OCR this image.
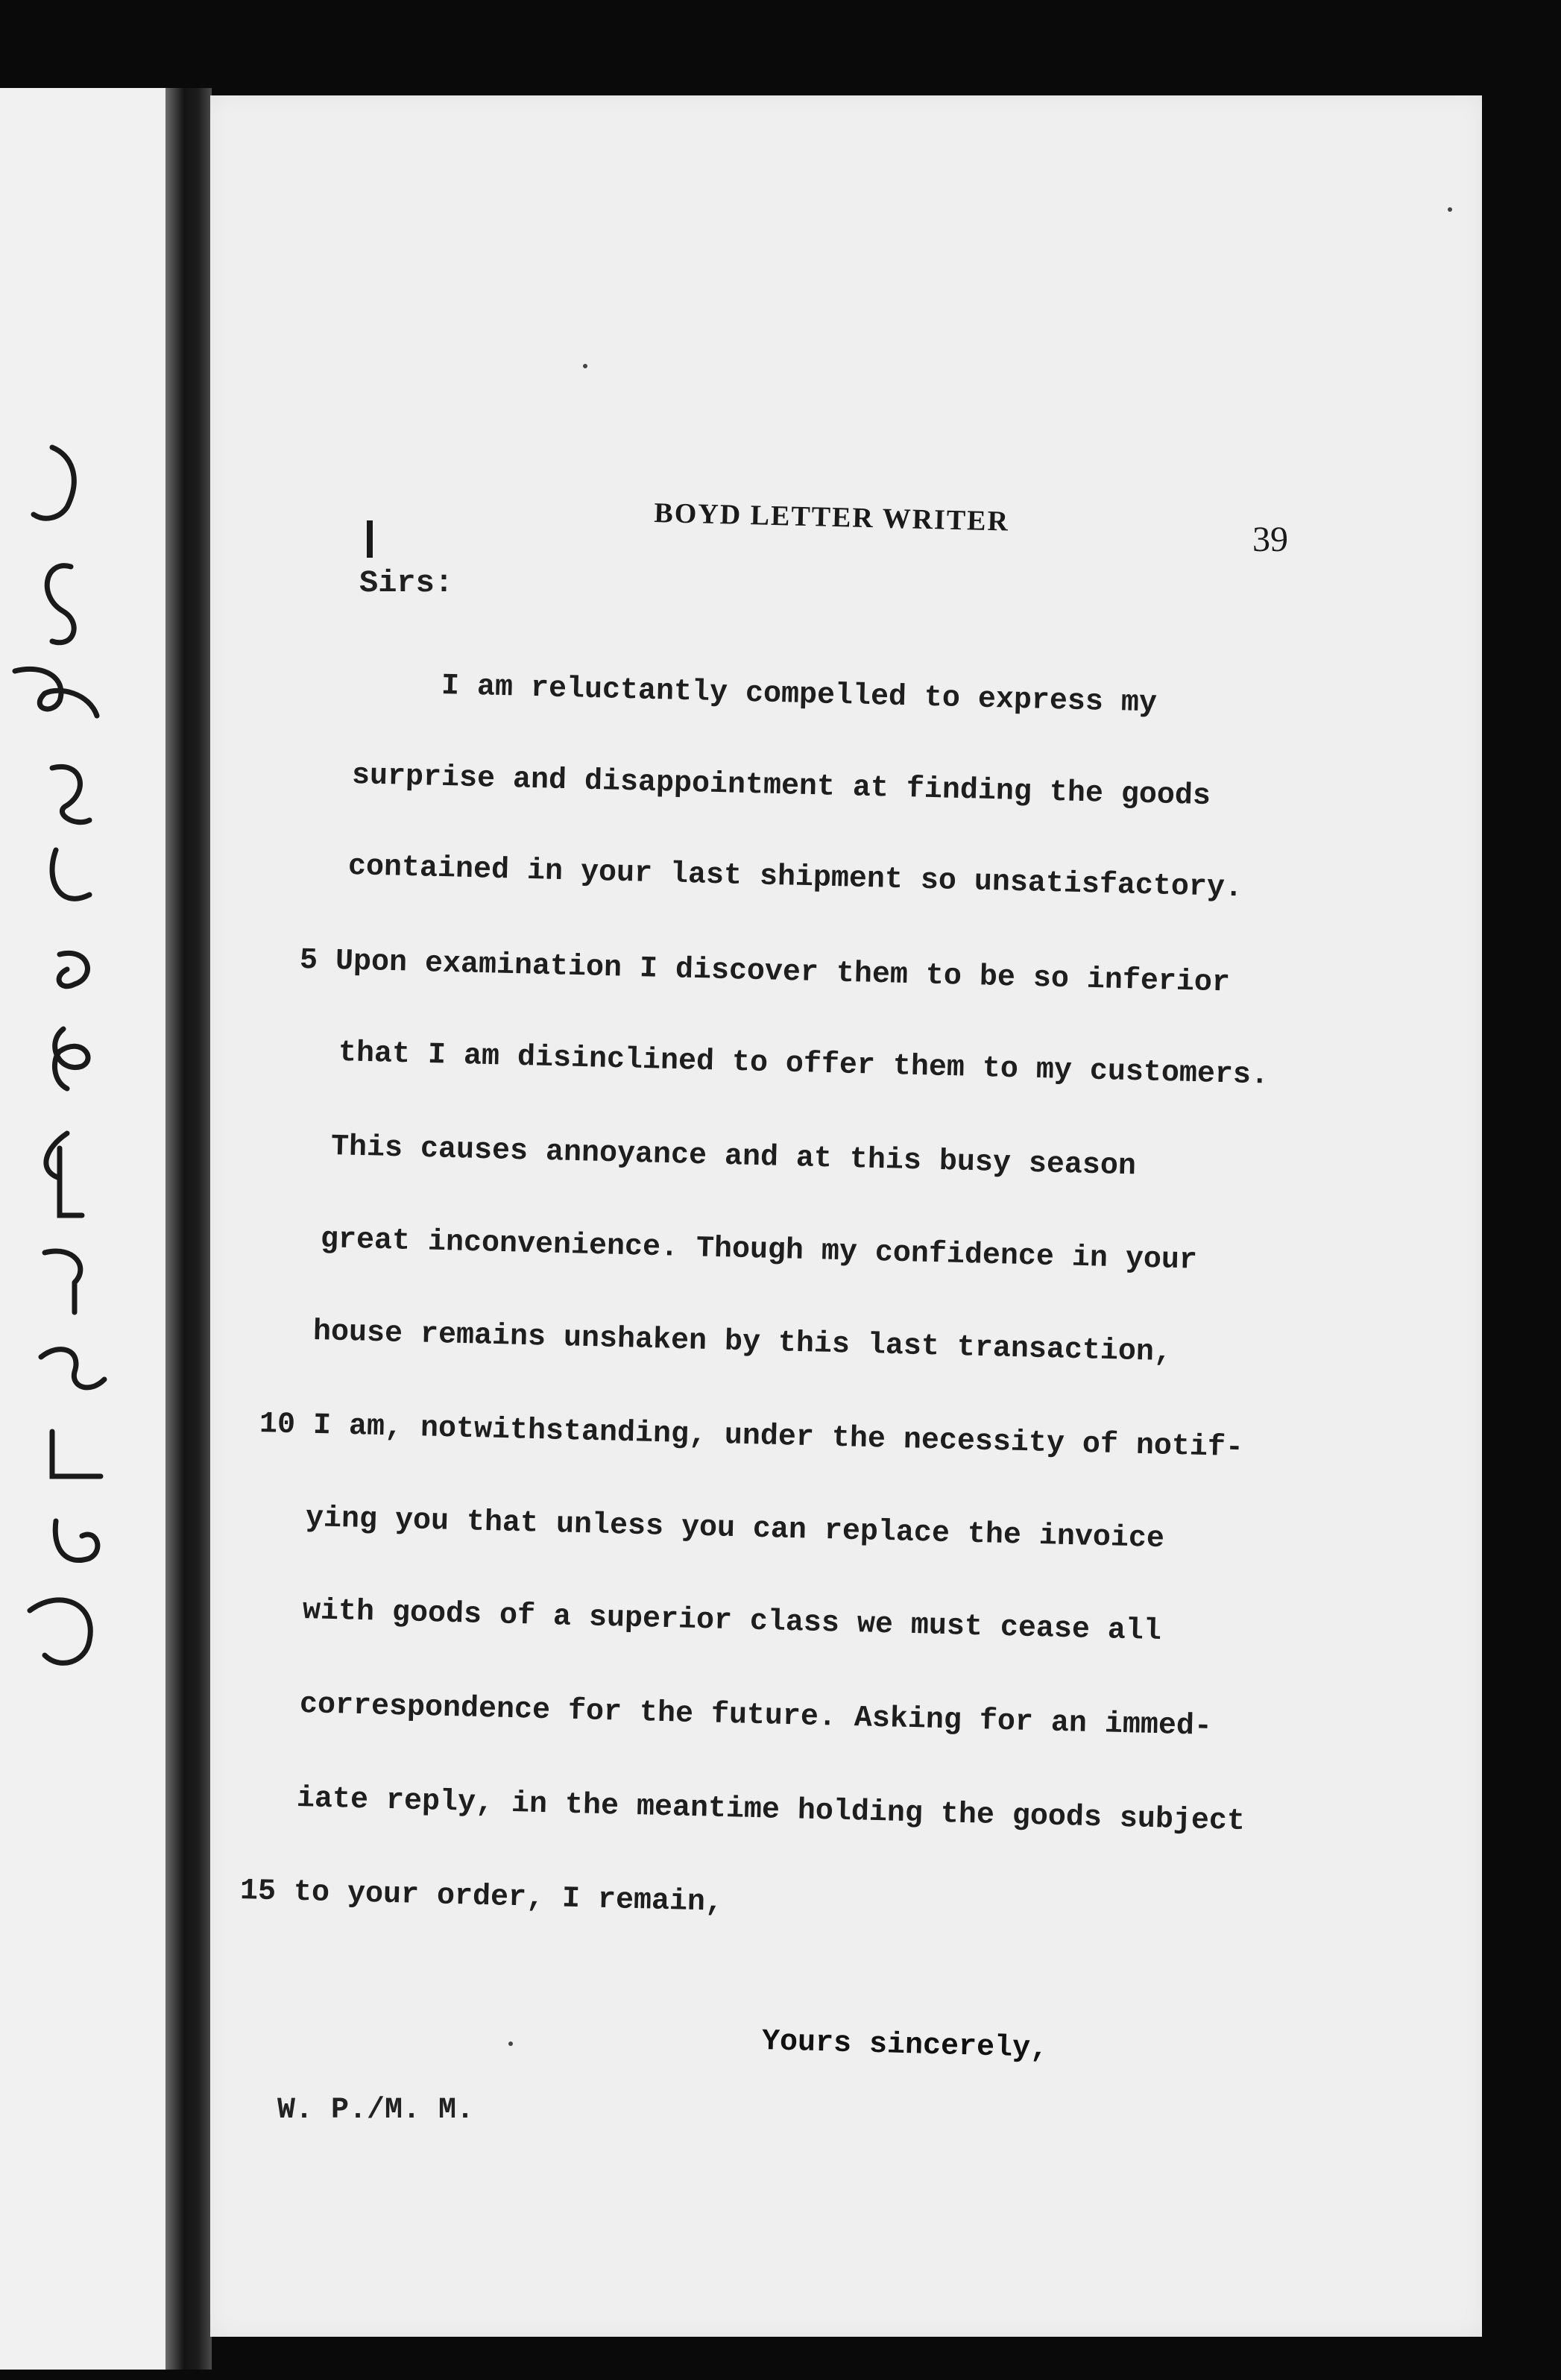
BOYD LETTER WRITER
39
Sirs:
I am reluctantly compelled to express my
surprise and disappointment at finding the goods
contained in your last shipment so unsatisfactory.
5 Upon examination I discover them to be so inferior
that I am disinclined to offer them to my customers.
This causes annoyance and at this busy season
great inconvenience. Though my confidence in your
house remains unshaken by this last transaction,
10 I am, notwithstanding, under the necessity of notif-
ying you that unless you can replace the invoice
with goods of a superior class we must cease all
correspondence for the future. Asking for an immed-
iate reply, in the meantime holding the goods subject
15 to your order, I remain,
Yours sincerely,
W. P./M. M.
